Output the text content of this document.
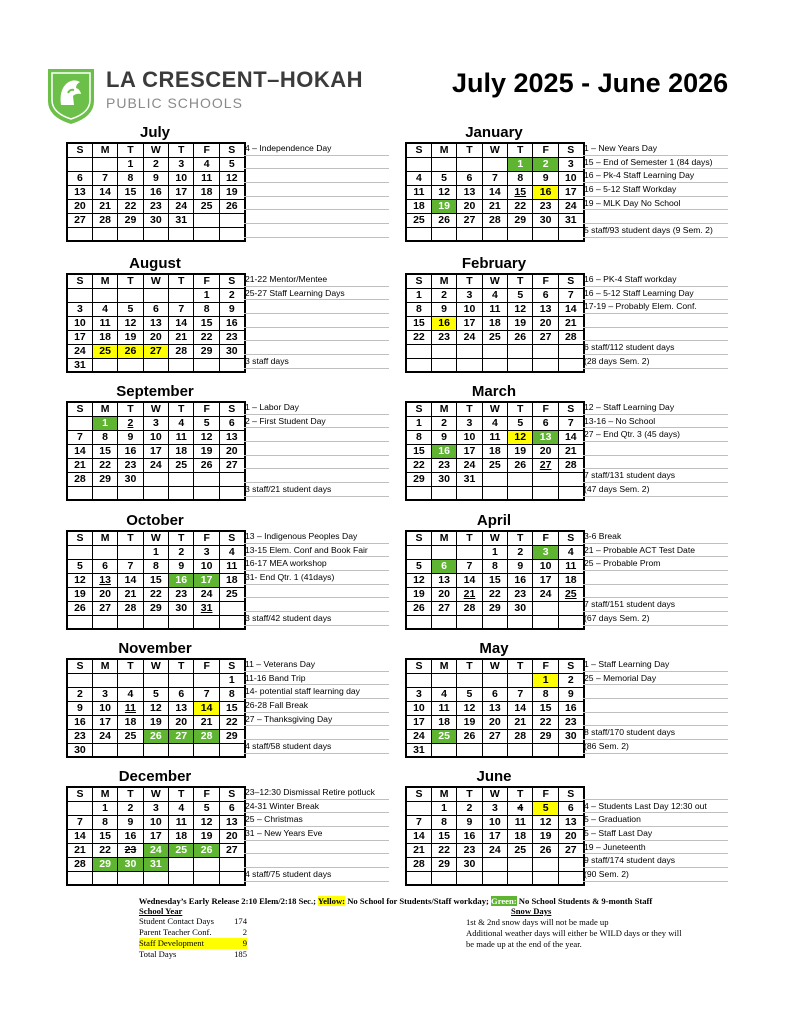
LA CRESCENT–HOKAH
PUBLIC SCHOOLS
July 2025 - June 2026
July
S	M	T	W	T	F	S
		1	2	3	4	5
6	7	8	9	10	11	12
13	14	15	16	17	18	19
20	21	22	23	24	25	26
27	28	29	30	31		

4 – Independence Day
January
S	M	T	W	T	F	S
				1	2	3
4	5	6	7	8	9	10
11	12	13	14	15	16	17
18	19	20	21	22	23	24
25	26	27	28	29	30	31

1 – New Years Day
15 – End of Semester 1 (84 days)
16 – Pk-4 Staff Learning Day
16 – 5-12 Staff Workday
19 – MLK Day No School
5 staff/93 student days (9 Sem. 2)
August
S	M	T	W	T	F	S
					1	2
3	4	5	6	7	8	9
10	11	12	13	14	15	16
17	18	19	20	21	22	23
24	25	26	27	28	29	30
31						
21-22 Mentor/Mentee
25-27 Staff Learning Days
3 staff days
February
S	M	T	W	T	F	S
1	2	3	4	5	6	7
8	9	10	11	12	13	14
15	16	17	18	19	20	21
22	23	24	25	26	27	28

16 – PK-4 Staff workday
16 – 5-12 Staff Learning Day
17-19 – Probably Elem. Conf.
6 staff/112 student days
(28 days Sem. 2)
September
S	M	T	W	T	F	S
	1	2	3	4	5	6
7	8	9	10	11	12	13
14	15	16	17	18	19	20
21	22	23	24	25	26	27
28	29	30				

1 – Labor Day
2 – First Student Day
3 staff/21 student days
March
S	M	T	W	T	F	S
1	2	3	4	5	6	7
8	9	10	11	12	13	14
15	16	17	18	19	20	21
22	23	24	25	26	27	28
29	30	31				

12 – Staff Learning Day
13-16 – No School
27 – End Qtr. 3 (45 days)
7 staff/131 student days
(47 days Sem. 2)
October
S	M	T	W	T	F	S
			1	2	3	4
5	6	7	8	9	10	11
12	13	14	15	16	17	18
19	20	21	22	23	24	25
26	27	28	29	30	31	

13 – Indigenous Peoples Day
13-15 Elem. Conf and Book Fair
16-17 MEA workshop
31- End Qtr. 1 (41days)
3 staff/42 student days
April
S	M	T	W	T	F	S
			1	2	3	4
5	6	7	8	9	10	11
12	13	14	15	16	17	18
19	20	21	22	23	24	25
26	27	28	29	30		

3-6 Break
21 – Probable ACT Test Date
25 – Probable Prom
7 staff/151 student days
(67 days Sem. 2)
November
S	M	T	W	T	F	S
						1
2	3	4	5	6	7	8
9	10	11	12	13	14	15
16	17	18	19	20	21	22
23	24	25	26	27	28	29
30						
11 – Veterans Day
11-16 Band Trip
14- potential staff learning day
26-28 Fall Break
27 – Thanksgiving Day
4 staff/58 student days
May
S	M	T	W	T	F	S
					1	2
3	4	5	6	7	8	9
10	11	12	13	14	15	16
17	18	19	20	21	22	23
24	25	26	27	28	29	30
31						
1 – Staff Learning Day
25 – Memorial Day
8 staff/170 student days
(86 Sem. 2)
December
S	M	T	W	T	F	S
	1	2	3	4	5	6
7	8	9	10	11	12	13
14	15	16	17	18	19	20
21	22	23	24	25	26	27
28	29	30	31			

23–12:30 Dismissal Retire potluck
24-31 Winter Break
25 – Christmas
31 – New Years Eve
4 staff/75 student days
June
S	M	T	W	T	F	S
	1	2	3	4	5	6
7	8	9	10	11	12	13
14	15	16	17	18	19	20
21	22	23	24	25	26	27
28	29	30				

4 – Students Last Day 12:30 out
5 – Graduation
5 – Staff Last Day
19 – Juneteenth
9 staff/174 student days
(90 Sem. 2)
Wednesday’s Early Release 2:10 Elem/2:18 Sec.; Yellow: No School for Students/Staff workday; Green: No School Students & 9-month Staff
School Year
Student Contact Days 174
Parent Teacher Conf.	2
Staff Development	9
Total Days	185
Snow Days
1st & 2nd snow days will not be made up
Additional weather days will either be WILD days or they will
be made up at the end of the year.
